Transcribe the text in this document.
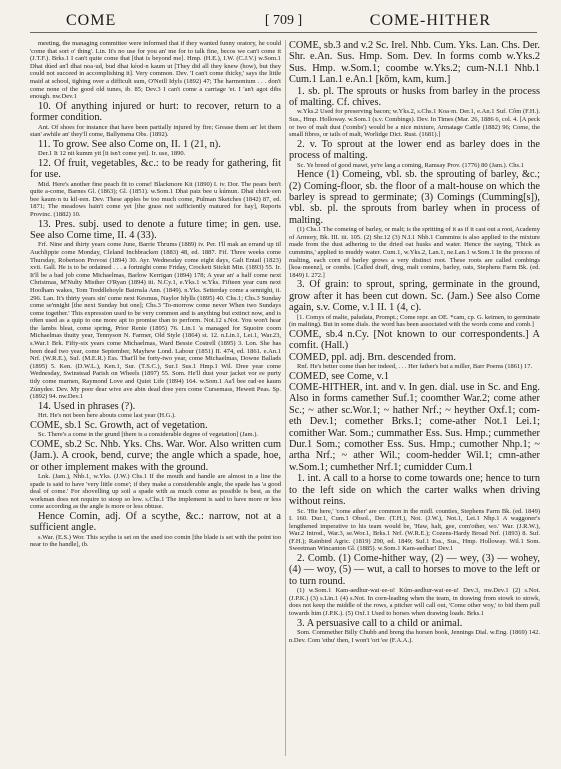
COME	[ 709 ]	COME-HITHER

meeting, the managing committee were informed that if they wanted funny oratory, he could 'come that sort o' thing'. Lin. It's no use for you an' me for to talk fine, becos we can't come it (J.T.F.). Brks.1 I can't quite come that [that is beyond me]. Hmp. (H.E.), I.W. (C.J.V.) w.Som.1 Dhai dúed an'l dhai noa·ud, bud dhai kéod·n kaum ut [They did all they knew (how), but they could not succeed in accomplishing it]. Very common. Dev. 'I can't come thicky,' says the little maid at school, tighing over a difficult sum, O'Neill Idyls (1892) 47; The harmonium . . . don't come none of the good old tunes, ib. 85; Dev.3 I can't come a carriage 'et. I 'an't agot dibs enough. nw.Dev.1

10. Of anything injured or hurt: to recover, return to a former condition.

Ant. Of shoes for instance that have been partially injured by fire; Grease them an' let them stan' awhile an' they'll come, Ballymena Obs. (1892).

11. To grow. See also Come on, II. 1 (21, n).

Der.1 It 12 nit kumm yit [it isn't come yet]. Ir. use, 1890.

12. Of fruit, vegetables, &c.: to be ready for gathering, fit for use.

Mid. Here's another fine peach fit to come! Blackmore Kit (1890) I. iv. Dor. The pears ben't quite a-come, Barnes Gl. (1863); Gl. (1851). w.Som.1 Dhai paiz bee u kúmun. Dhai chick·een bee kaum·n tu kil·een. Dev. These apples be too much come, Pulman Sketches (1842) 87, ed. 1871; The meadows hain't come yet [the grass not sufficiently matured for hay], Reports Provinc. (1882) 10.

13. Pres. subj. used to denote a future time; in gen. use. See also Come time, II. 4 (33).

Frf. Nine and thirty years come June, Barrie Thrums (1889) iv. Per. I'll mak an errand up til Auchlippie come Monday, Cleland Inchbracken (1883) 48, ed. 1887. Fif. Three weeks come Thursday, Robertson Provost (1894) 30. Ayr. Wednesday come eight days, Galt Entail (1823) xvii. Gall. He is to be ordained . . . a fortnight come Friday, Crockett Stickit Min. (1893) 55. Ir. It'll be a bad job come Michaelmas, Barlow Kerrigan (1894) 178; A year an' a half come next Christmas, M'Nulty Misther O'Ryan (1894) iii. N.Cy.1, e.Yks.1 w.Yks. Fifteen year cum next Hoolham wakes, Tom Treddlehoyle Bairnsla Ann. (1849). n.Yks. Setterday come a sennight, ii. 296. Lan. It's thirty years sin' come next Kesmus, Naylor Idylls (1895) 40. Chs.1; Chs.3 Sunday come se'nnight [the next Sunday but one]; Chs.3 'To-morrow come never When two Sundays come together.' This expression used to be very common and is anything but extinct now, and is often used as a quip to one more apt to promise than to perform. Not.12 s.Not. You won't hear the lambs bleat, come spring, Prior Renie (1895) 76. Lin.1 'a managed for Squoire coom Michaelmas thutty year, Tennyson N. Farmer, Old Style (1864) st. 12. n.Lin.1, Lei.1, War.23, s.War.1 Brk. Fifty-six years come Michaelmas, Ward Bessie Costrell (1895) 3. Lon. She has been dead two year, come September, Mayhew Lond. Labour (1851) II. 474, ed. 1861. e.An.1 Nrf. (W.R.E.), Suf. (M.E.R.) Ess. That'll be forty-two year, come Michaelmas, Downe Ballads (1895) 5. Ken. (D.W.L.), Ken.1, Sur. (T.S.C.), Sur.1 Sus.1 Hmp.1 Wil. Dree year come Wednesday, Swinstead Parish on Wheels (1897) 55. Som. He'll dust your jacket vor ee purty tidy come marnen, Raymond Love and Quiet Life (1894) 164. w.Som.1 Aa'l bee rad·ee kaum Zúnydee. Dev. My poor dear wive ave abin dead dree yers come Cursemass, Hewett Peas. Sp. (1892) 94. nw.Dev.1

14. Used in phrases (?).

Hrt. He's not been here abouts come last year (H.G.).

COME, sb.1 Sc. Growth, act of vegetation.

Sc. There's a come in the grund [there is a considerable degree of vegetation] (Jam.).

COME, sb.2 Sc. Nhb. Yks. Chs. War. Wor. Also written cum (Jam.). A crook, bend, curve; the angle which a spade, hoe, or other implement makes with the ground.

Lnk. (Jam.), Nhb.1, w.Yks. (J.W.) Chs.1 If the mouth and handle are almost in a line the spade is said to have 'very little come'; if they make a considerable angle, the spade has 'a good deal of come.' For shovelling up soil a spade with as much come as possible is best, as the workman does not require to stoop so low. s.Chs.1 The implement is said to have more or less come according as the angle is more or less obtuse.

Hence Comin, adj. Of a scythe, &c.: narrow, not at a sufficient angle.

s.War. (E.S.) Wor. This scythe is set on the sned too comin [the blade is set with the point too near to the handle], ib.

COME, sb.3 and v.2 Sc. Irel. Nhb. Cum. Yks. Lan. Chs. Der. Shr. e.An. Sus. Hmp. Som. Dev. In forms comb w.Yks.2 Sus. Hmp. w.Som.1; coombe w.Yks.2; cum-N.I.1 Nhb.1 Cum.1 Lan.1 e.An.1 [kōm, kʌm, kum.]

1. sb. pl. The sprouts or husks from barley in the process of malting. Cf. chives.

w.Yks.2 Used for preserving bacon; w.Yks.2, s.Chs.1 Koa·m. Der.1, e.An.1 Suf. Côm (F.H.). Sus., Hmp. Holloway. w.Som.1 (s.v. Combings). Dev. In Times (Mar. 26, 1886 6, col. 4. [A peck or two of malt dust ('combs') would be a nice mixture, Armatage Cattle (1882) 96; Come, the small fibres, or tails of malt, Worlidge Dict. Rust. (1681).]

2. v. To sprout at the lower end as barley does in the process of malting.

Sc. Ye breed of good mawt, ye're lang a coming, Ramsay Prov. (1776) 80 (Jam.). Chs.1

Hence (1) Comeing, vbl. sb. the sprouting of barley, &c.; (2) Coming-floor, sb. the floor of a malt-house on which the barley is spread to germinate; (3) Comings (Cumming[s]), vbl. sb. pl. the sprouts from barley when in process of malting.

(1) Chs.1 The comeing of barley, or malt; is the spritting of it as if it cast out a root, Academy of Armory, Bk. III. iii. 105. (2) Shr.12 (3) N.I.1 Nhb.1 Cummins is also applied to the mixture made from the dust adhering to the dried oat husks and water. Hence the saying, 'Thick as cummins,' applied to muddy water. Cum.1, w.Yks.2, Lan.1, ne.Lan.1 w.Som.1 In the process of malting, each corn of barley grows a very distinct root. These roots are called combings [koa·meenz], or combs. [Called draff, dreg, malt comins, barley, oats, Stephens Farm Bk. (ed. 1849) I. 272.]

3. Of grain: to sprout, spring, germinate in the ground, grow after it has been cut down. Sc. (Jam.) See also Come again, s.v. Come, v.1 II. 1 (4, c).

[1. Comys of malte, paludata, Prompt.; Come repr. an OE. *cam, cp. G. keimen, to germinate (in malting). But in some dials. the word has been associated with the words come and comb.]

COME, sb.4 n.Cy. [Not known to our correspondents.] A comfit. (Hall.)

COMED, ppl. adj. Brn. descended from.

Rnf. He's better come than her indeed, . . . Her father's but a miller, Barr Poems (1861) 17.

COMED, see Come, v.1

COME-HITHER, int. and v. In gen. dial. use in Sc. and Eng. Also in forms camether Suf.1; coomther War.2; come ather Sc.; ~ ather sc.Wor.1; ~ hather Nrf.; ~ heyther Oxf.1; com-eth Dev.1; comether Brks.1; come-ather Not.1 Lei.1; comither War. Som.; cummather Ess. Sus. Hmp.; cummether Dur.1 Som.; comother Ess. Sus. Hmp.; cumother Nhp.1; ~ artha Nrf.; ~ ather Wil.; coom-hedder Wil.1; cmn-ather w.Som.1; cumhether Nrf.1; cumidder Cum.1

1. int. A call to a horse to come towards one; hence to turn to the left side on which the carter walks when driving without reins.

Sc. 'Hie here,' 'come ather' are common in the midl. counties, Stephens Farm Bk. (ed. 1849) I. 160. Dur.1, Cum.1 Obsol., Der. (T.H.), Not. (J.W.), Not.1, Lei.1 Nhp.1 A waggoner's lengthened imperative to his team would be, 'Haw, halt, gee, com'other, wo.' War. (J.R.W.), War.2 Introd., War.3, se.Wor.1, Brks.1 Nrf. (W.R.E.); Cozens-Hardy Broad Nrf. (1893) 8. Suf. (F.H.); Rainbird Agric. (1819) 290, ed. 1849; Suf.1 Ess., Sus., Hmp. Holloway. Wil.1 Som. Sweetman Wincanton Gl. (1885). w.Som.1 Kam-aedhar! Dev.1

2. Comb. (1) Come-hither way, (2) — wey, (3) — wohey, (4) — woy, (5) — wut, a call to horses to move to the left or to turn round.

(1) w.Som.1 Kam-aedhur-wai·ee-u! Kúm-aedhur-wai·ee-u! Dev.3, nw.Dev.1 (2) s.Not. (J.P.K.) (3) s.Lin.1 (4) s.Not. In corn-leading when the team, in drawing from stowk to stowk, does not keep the middle of the rows, a pitcher will call out, 'Come other woy,' to bid them pull towards him (J.P.K.). (5) Oxf.1 Used to horses when drawing loads. Brks.1

3. A persuasive call to a child or animal.

Som. Commether Billy Chubb and breng tha horsen book, Jennings Dial. w.Eng. (1869) 142. n.Dev. Com 'ethu' then, I won't 'ort 'ee (F.A.A.).
